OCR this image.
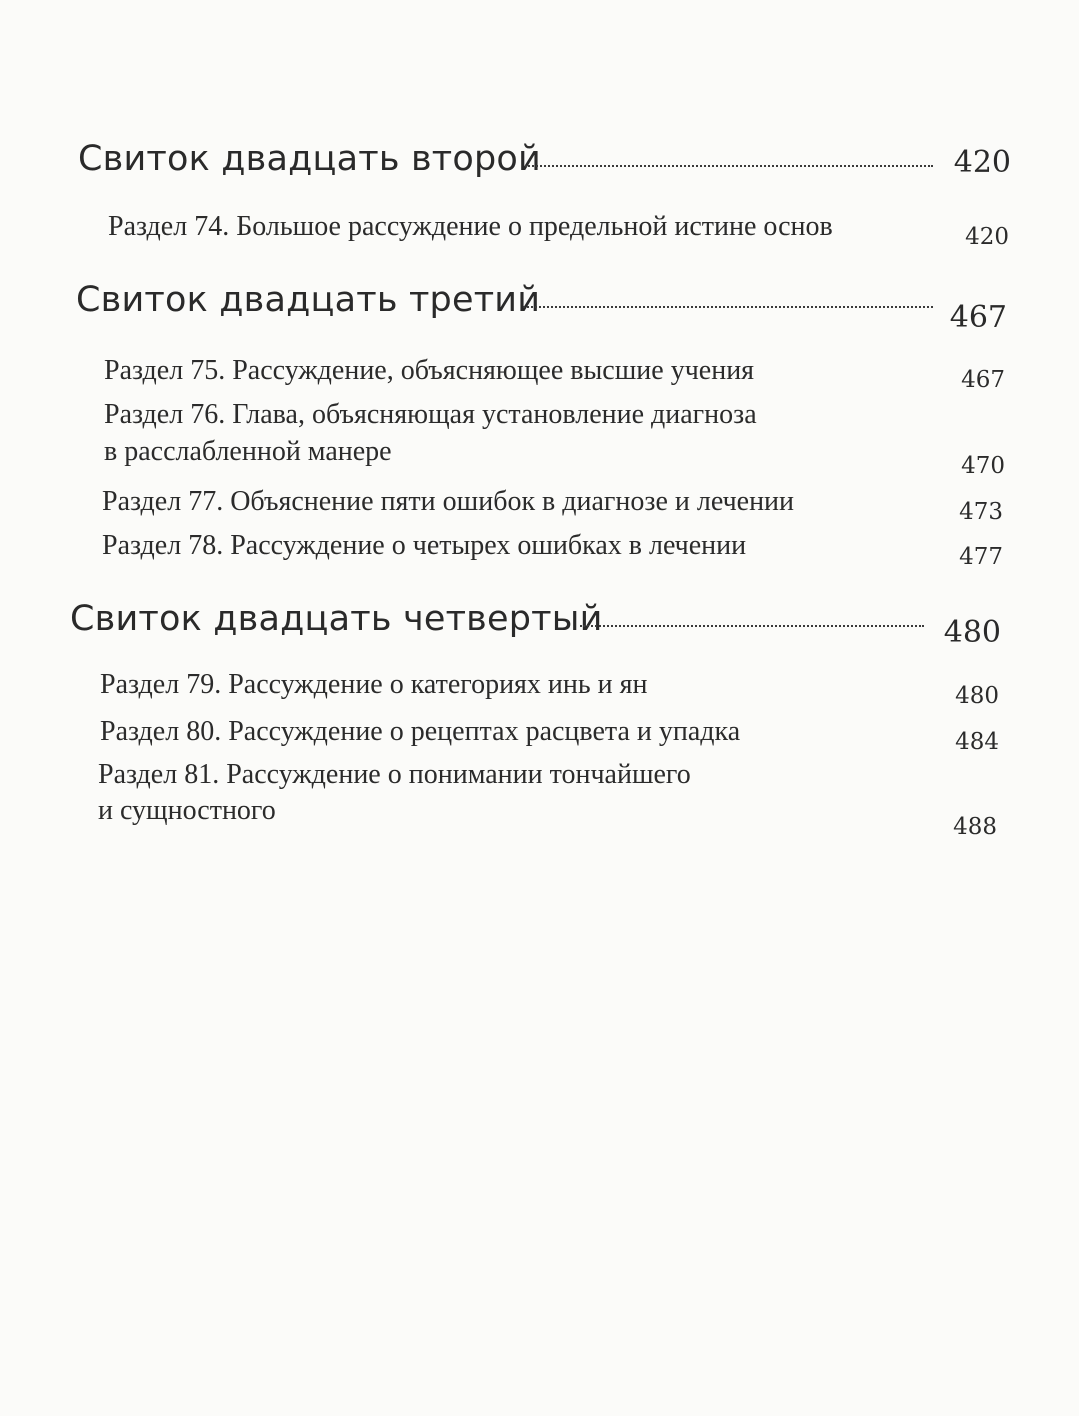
Свиток двадцать второй	420
Раздел 74. Большое рассуждение о предельной истине основ	420
Свиток двадцать третий	467
Раздел 75. Рассуждение, объясняющее высшие учения	467
Раздел 76. Глава, объясняющая установление диагноза
в расслабленной манере	470
Раздел 77. Объяснение пяти ошибок в диагнозе и лечении	473
Раздел 78. Рассуждение о четырех ошибках в лечении	477
Свиток двадцать четвертый	480
Раздел 79. Рассуждение о категориях инь и ян	480
Раздел 80. Рассуждение о рецептах расцвета и упадка	484
Раздел 81. Рассуждение о понимании тончайшего
и сущностного
488
